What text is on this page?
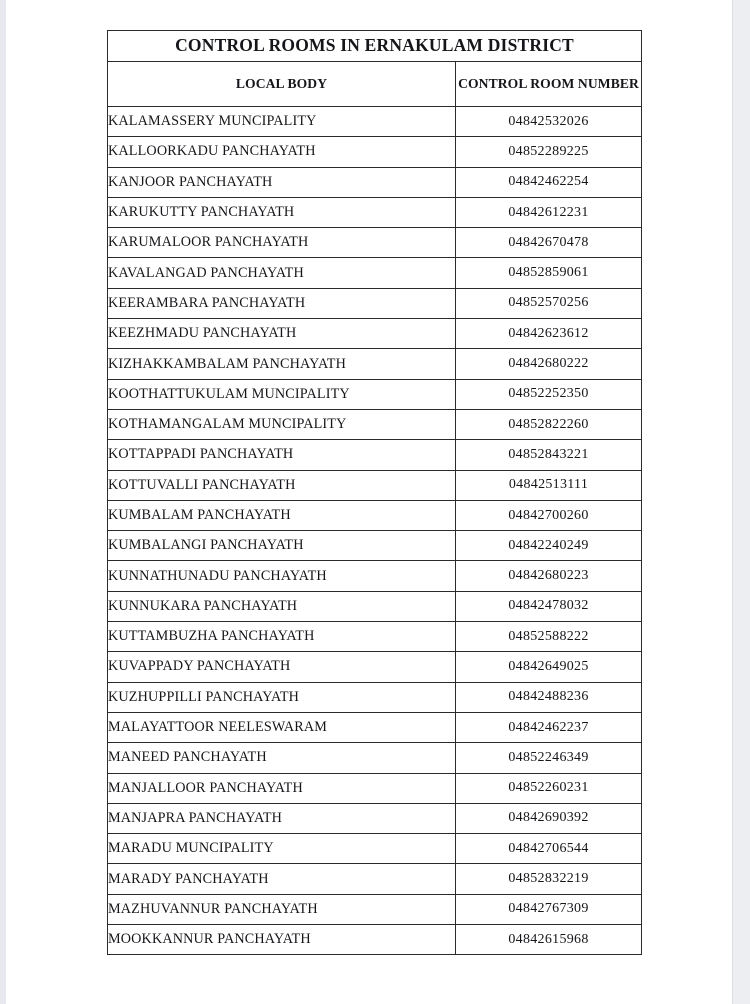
CONTROL ROOMS IN ERNAKULAM DISTRICT	
LOCAL BODY	CONTROL ROOM NUMBER
KALAMASSERY MUNCIPALITY	04842532026
KALLOORKADU PANCHAYATH	04852289225
KANJOOR PANCHAYATH	04842462254
KARUKUTTY PANCHAYATH	04842612231
KARUMALOOR PANCHAYATH	04842670478
KAVALANGAD PANCHAYATH	04852859061
KEERAMBARA PANCHAYATH	04852570256
KEEZHMADU PANCHAYATH	04842623612
KIZHAKKAMBALAM PANCHAYATH	04842680222
KOOTHATTUKULAM MUNCIPALITY	04852252350
KOTHAMANGALAM MUNCIPALITY	04852822260
KOTTAPPADI PANCHAYATH	04852843221
KOTTUVALLI PANCHAYATH	04842513111
KUMBALAM PANCHAYATH	04842700260
KUMBALANGI PANCHAYATH	04842240249
KUNNATHUNADU PANCHAYATH	04842680223
KUNNUKARA PANCHAYATH	04842478032
KUTTAMBUZHA PANCHAYATH	04852588222
KUVAPPADY PANCHAYATH	04842649025
KUZHUPPILLI PANCHAYATH	04842488236
MALAYATTOOR NEELESWARAM	04842462237
MANEED PANCHAYATH	04852246349
MANJALLOOR PANCHAYATH	04852260231
MANJAPRA PANCHAYATH	04842690392
MARADU MUNCIPALITY	04842706544
MARADY PANCHAYATH	04852832219
MAZHUVANNUR PANCHAYATH	04842767309
MOOKKANNUR PANCHAYATH	04842615968
